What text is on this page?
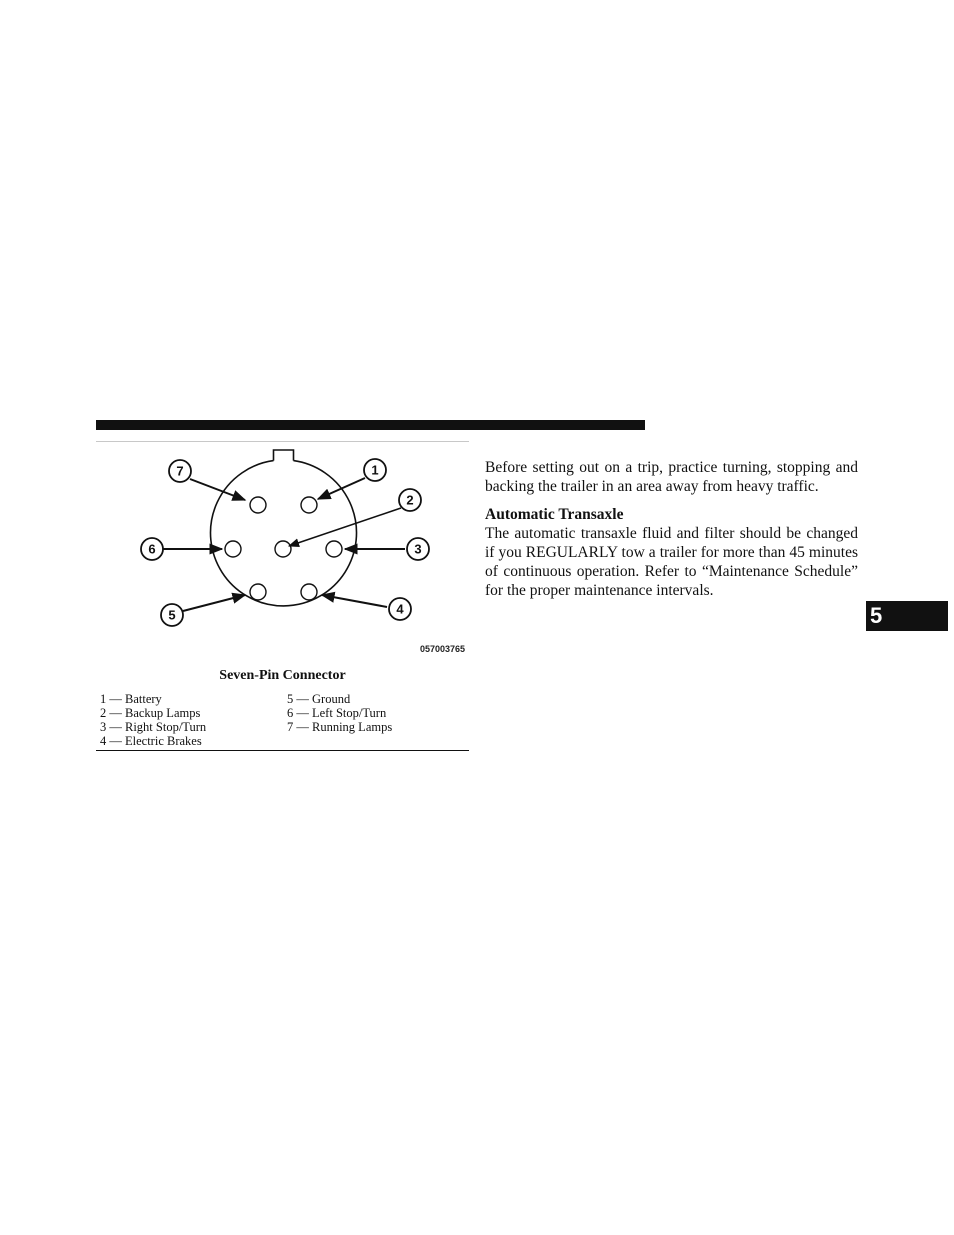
7	1
2
6	3
5	4
057003765
Seven-Pin Connector
1 — Battery	5 — Ground
2 — Backup Lamps	6 — Left Stop/Turn
3 — Right Stop/Turn	7 — Running Lamps
4 — Electric Brakes

Before setting out on a trip, practice turning, stopping and backing the trailer in an area away from heavy traffic.

Automatic Transaxle

The automatic transaxle fluid and filter should be changed if you REGULARLY tow a trailer for more than 45 minutes of continuous operation. Refer to “Maintenance Schedule” for the proper maintenance intervals.

5
